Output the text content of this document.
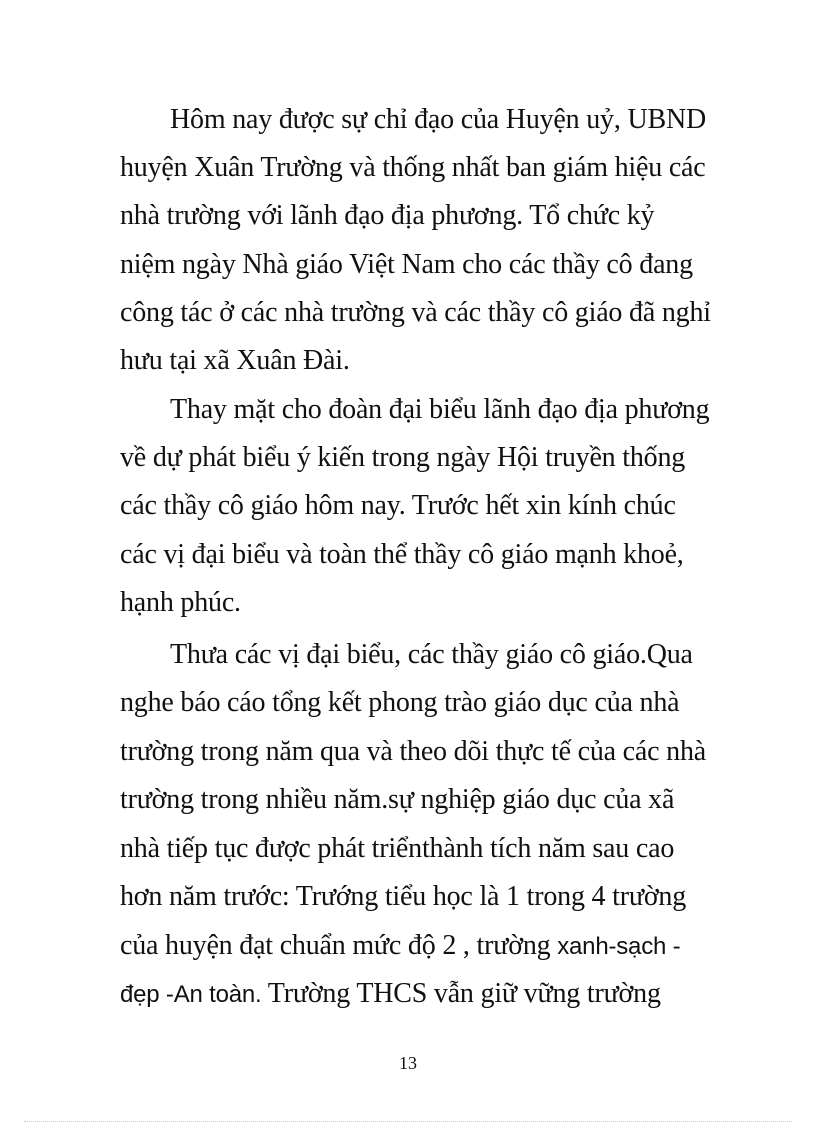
Hôm nay được sự chỉ đạo của Huyện uỷ, UBND
huyện Xuân Trường và thống nhất ban giám hiệu các
nhà trường với lãnh đạo địa phương. Tổ chức kỷ
niệm ngày Nhà giáo Việt Nam cho các thầy cô đang
công tác ở các nhà trường và các thầy cô giáo đã nghỉ
hưu tại xã Xuân Đài.
Thay mặt cho đoàn đại biểu lãnh đạo địa phương
về dự phát biểu ý kiến trong ngày Hội truyền thống
các thầy cô giáo hôm nay. Trước hết xin kính chúc
các vị đại biểu và toàn thể thầy cô giáo mạnh khoẻ,
hạnh phúc.
Thưa các vị đại biểu, các thầy giáo cô giáo.Qua
nghe báo cáo tổng kết phong trào giáo dục của nhà
trường trong năm qua và theo dõi thực tế của các nhà
trường trong nhiều năm.sự nghiệp giáo dục của xã
nhà tiếp tục được phát triểnthành tích năm sau cao
hơn năm trước: Trướng tiểu học là 1 trong 4 trường
của huyện đạt chuẩn mức độ 2 , trường xanh-sạch -
đẹp -An toàn. Trường THCS vẫn giữ vững trường
13
